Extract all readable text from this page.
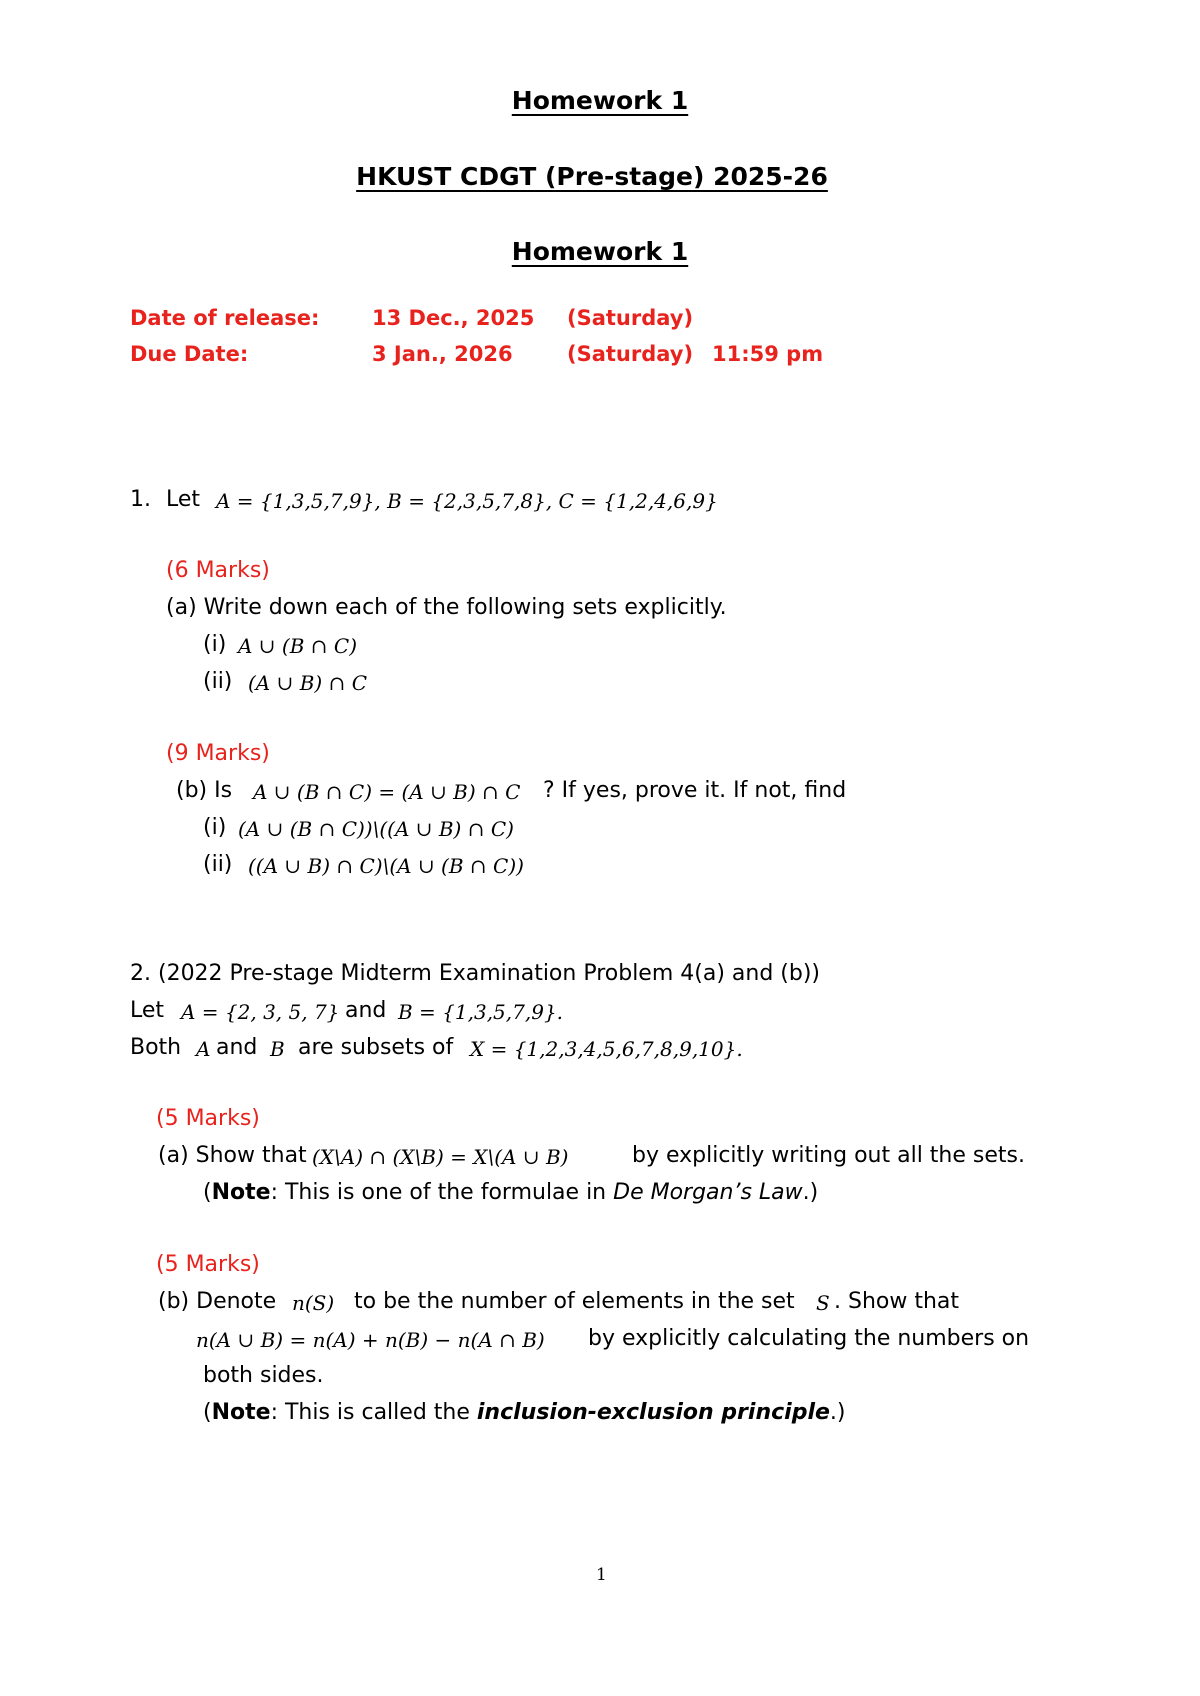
Homework 1
HKUST CDGT (Pre-stage) 2025-26
Homework 1
Date of release:	13 Dec., 2025 (Saturday)
Due Date:	3 Jan., 2026	(Saturday) 11:59 pm
1. Let A = {1,3,5,7,9}, B = {2,3,5,7,8}, C = {1,2,4,6,9}
(6 Marks)
(a) Write down each of the following sets explicitly.
(i) A ∪ (B ∩ C)
(ii) (A ∪ B) ∩ C
(9 Marks)
(b) Is A ∪ (B ∩ C) = (A ∪ B) ∩ C ? If yes, prove it. If not, find
(i) (A ∪ (B ∩ C))\((A ∪ B) ∩ C)
(ii) ((A ∪ B) ∩ C)\(A ∪ (B ∩ C))
2. (2022 Pre-stage Midterm Examination Problem 4(a) and (b))
Let A = {2, 3, 5, 7} and B = {1,3,5,7,9}.
Both A and B are subsets of X = {1,2,3,4,5,6,7,8,9,10}.
(5 Marks)
(a) Show that (X\A) ∩ (X\B) = X\(A ∪ B)	by explicitly writing out all the sets.
(Note: This is one of the formulae in De Morgan’s Law.)
(5 Marks)
(b) Denote n(S) to be the number of elements in the set S . Show that
n(A ∪ B) = n(A) + n(B) − n(A ∩ B) by explicitly calculating the numbers on
both sides.
(Note: This is called the inclusion-exclusion principle.)
1
